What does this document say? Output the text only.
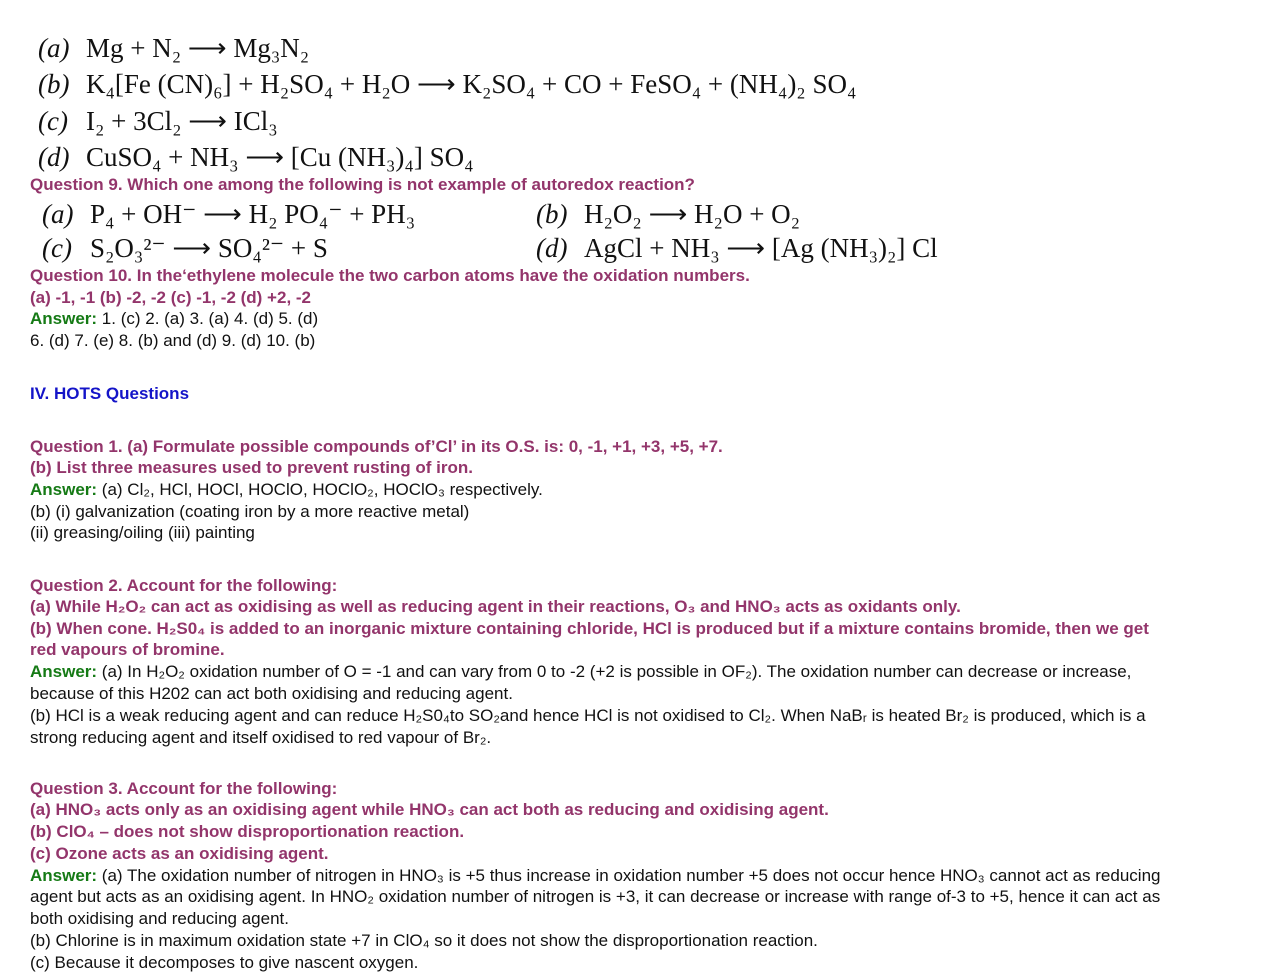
(a) Mg + N₂ ⟶ Mg₃N₂
(b) K₄[Fe (CN)₆] + H₂SO₄ + H₂O ⟶ K₂SO₄ + CO + FeSO₄ + (NH₄)₂ SO₄
(c) I₂ + 3Cl₂ ⟶ ICl₃
(d) CuSO₄ + NH₃ ⟶ [Cu (NH₃)₄] SO₄
Question 9. Which one among the following is not example of autoredox reaction?
(a) P₄ + OH⁻ ⟶ H₂ PO₄⁻ + PH₃	(b) H₂O₂ ⟶ H₂O + O₂
(c) S₂O₃²⁻ ⟶ SO₄²⁻ + S	(d) AgCl + NH₃ ⟶ [Ag (NH₃)₂] Cl
Question 10. In the‘ethylene molecule the two carbon atoms have the oxidation numbers.
(a) -1, -1 (b) -2, -2 (c) -1, -2 (d) +2, -2
Answer: 1. (c) 2. (a) 3. (a) 4. (d) 5. (d)
6. (d) 7. (e) 8. (b) and (d) 9. (d) 10. (b)
IV. HOTS Questions
Question 1. (a) Formulate possible compounds of’Cl’ in its O.S. is: 0, -1, +1, +3, +5, +7.
(b) List three measures used to prevent rusting of iron.
Answer: (a) Cl₂, HCl, HOCl, HOClO, HOClO₂, HOClO₃ respectively.
(b) (i) galvanization (coating iron by a more reactive metal)
(ii) greasing/oiling (iii) painting
Question 2. Account for the following:
(a) While H₂O₂ can act as oxidising as well as reducing agent in their reactions, O₃ and HNO₃ acts as oxidants only.
(b) When cone. H₂S0₄ is added to an inorganic mixture containing chloride, HCl is produced but if a mixture contains bromide, then we get
red vapours of bromine.
Answer: (a) In H₂O₂ oxidation number of O = -1 and can vary from 0 to -2 (+2 is possible in OF₂). The oxidation number can decrease or increase,
because of this H202 can act both oxidising and reducing agent.
(b) HCl is a weak reducing agent and can reduce H₂S0₄to SO₂and hence HCl is not oxidised to Cl₂. When NaBᵣ is heated Br₂ is produced, which is a
strong reducing agent and itself oxidised to red vapour of Br₂.
Question 3. Account for the following:
(a) HNO₃ acts only as an oxidising agent while HNO₃ can act both as reducing and oxidising agent.
(b) ClO₄ – does not show disproportionation reaction.
(c) Ozone acts as an oxidising agent.
Answer: (a) The oxidation number of nitrogen in HNO₃ is +5 thus increase in oxidation number +5 does not occur hence HNO₃ cannot act as reducing
agent but acts as an oxidising agent. In HNO₂ oxidation number of nitrogen is +3, it can decrease or increase with range of-3 to +5, hence it can act as
both oxidising and reducing agent.
(b) Chlorine is in maximum oxidation state +7 in ClO₄ so it does not show the disproportionation reaction.
(c) Because it decomposes to give nascent oxygen.
